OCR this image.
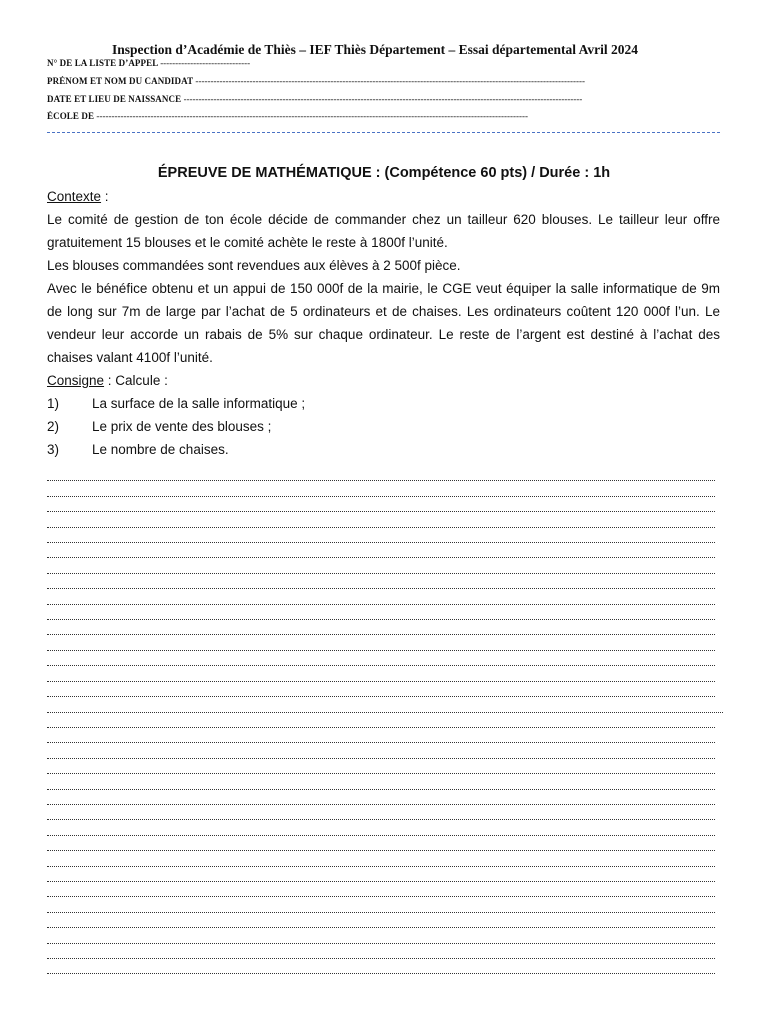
Inspection d’Académie de Thiès – IEF Thiès Département – Essai départemental Avril 2024
N° DE LA LISTE D’APPEL ------------------------------
PRÉNOM ET NOM DU CANDIDAT ----------------------------------------------------------------------------------------------------------------------------------
DATE ET LIEU DE NAISSANCE -------------------------------------------------------------------------------------------------------------------------------------
ÉCOLE DE ------------------------------------------------------------------------------------------------------------------------------------------------
ÉPREUVE DE MATHÉMATIQUE : (Compétence 60 pts) / Durée : 1h

Contexte :

Le comité de gestion de ton école décide de commander chez un tailleur 620 blouses. Le tailleur leur offre gratuitement 15 blouses et le comité achète le reste à 1800f l’unité.

Les blouses commandées sont revendues aux élèves à 2 500f pièce.

Avec le bénéfice obtenu et un appui de 150 000f de la mairie, le CGE veut équiper la salle informatique de 9m de long sur 7m de large par l’achat de 5 ordinateurs et de chaises. Les ordinateurs coûtent 120 000f l’un. Le vendeur leur accorde un rabais de 5% sur chaque ordinateur. Le reste de l’argent est destiné à l’achat des chaises valant 4100f l’unité.

Consigne : Calcule :

1)	La surface de la salle informatique ;
2)	Le prix de vente des blouses ;
3)	Le nombre de chaises.
